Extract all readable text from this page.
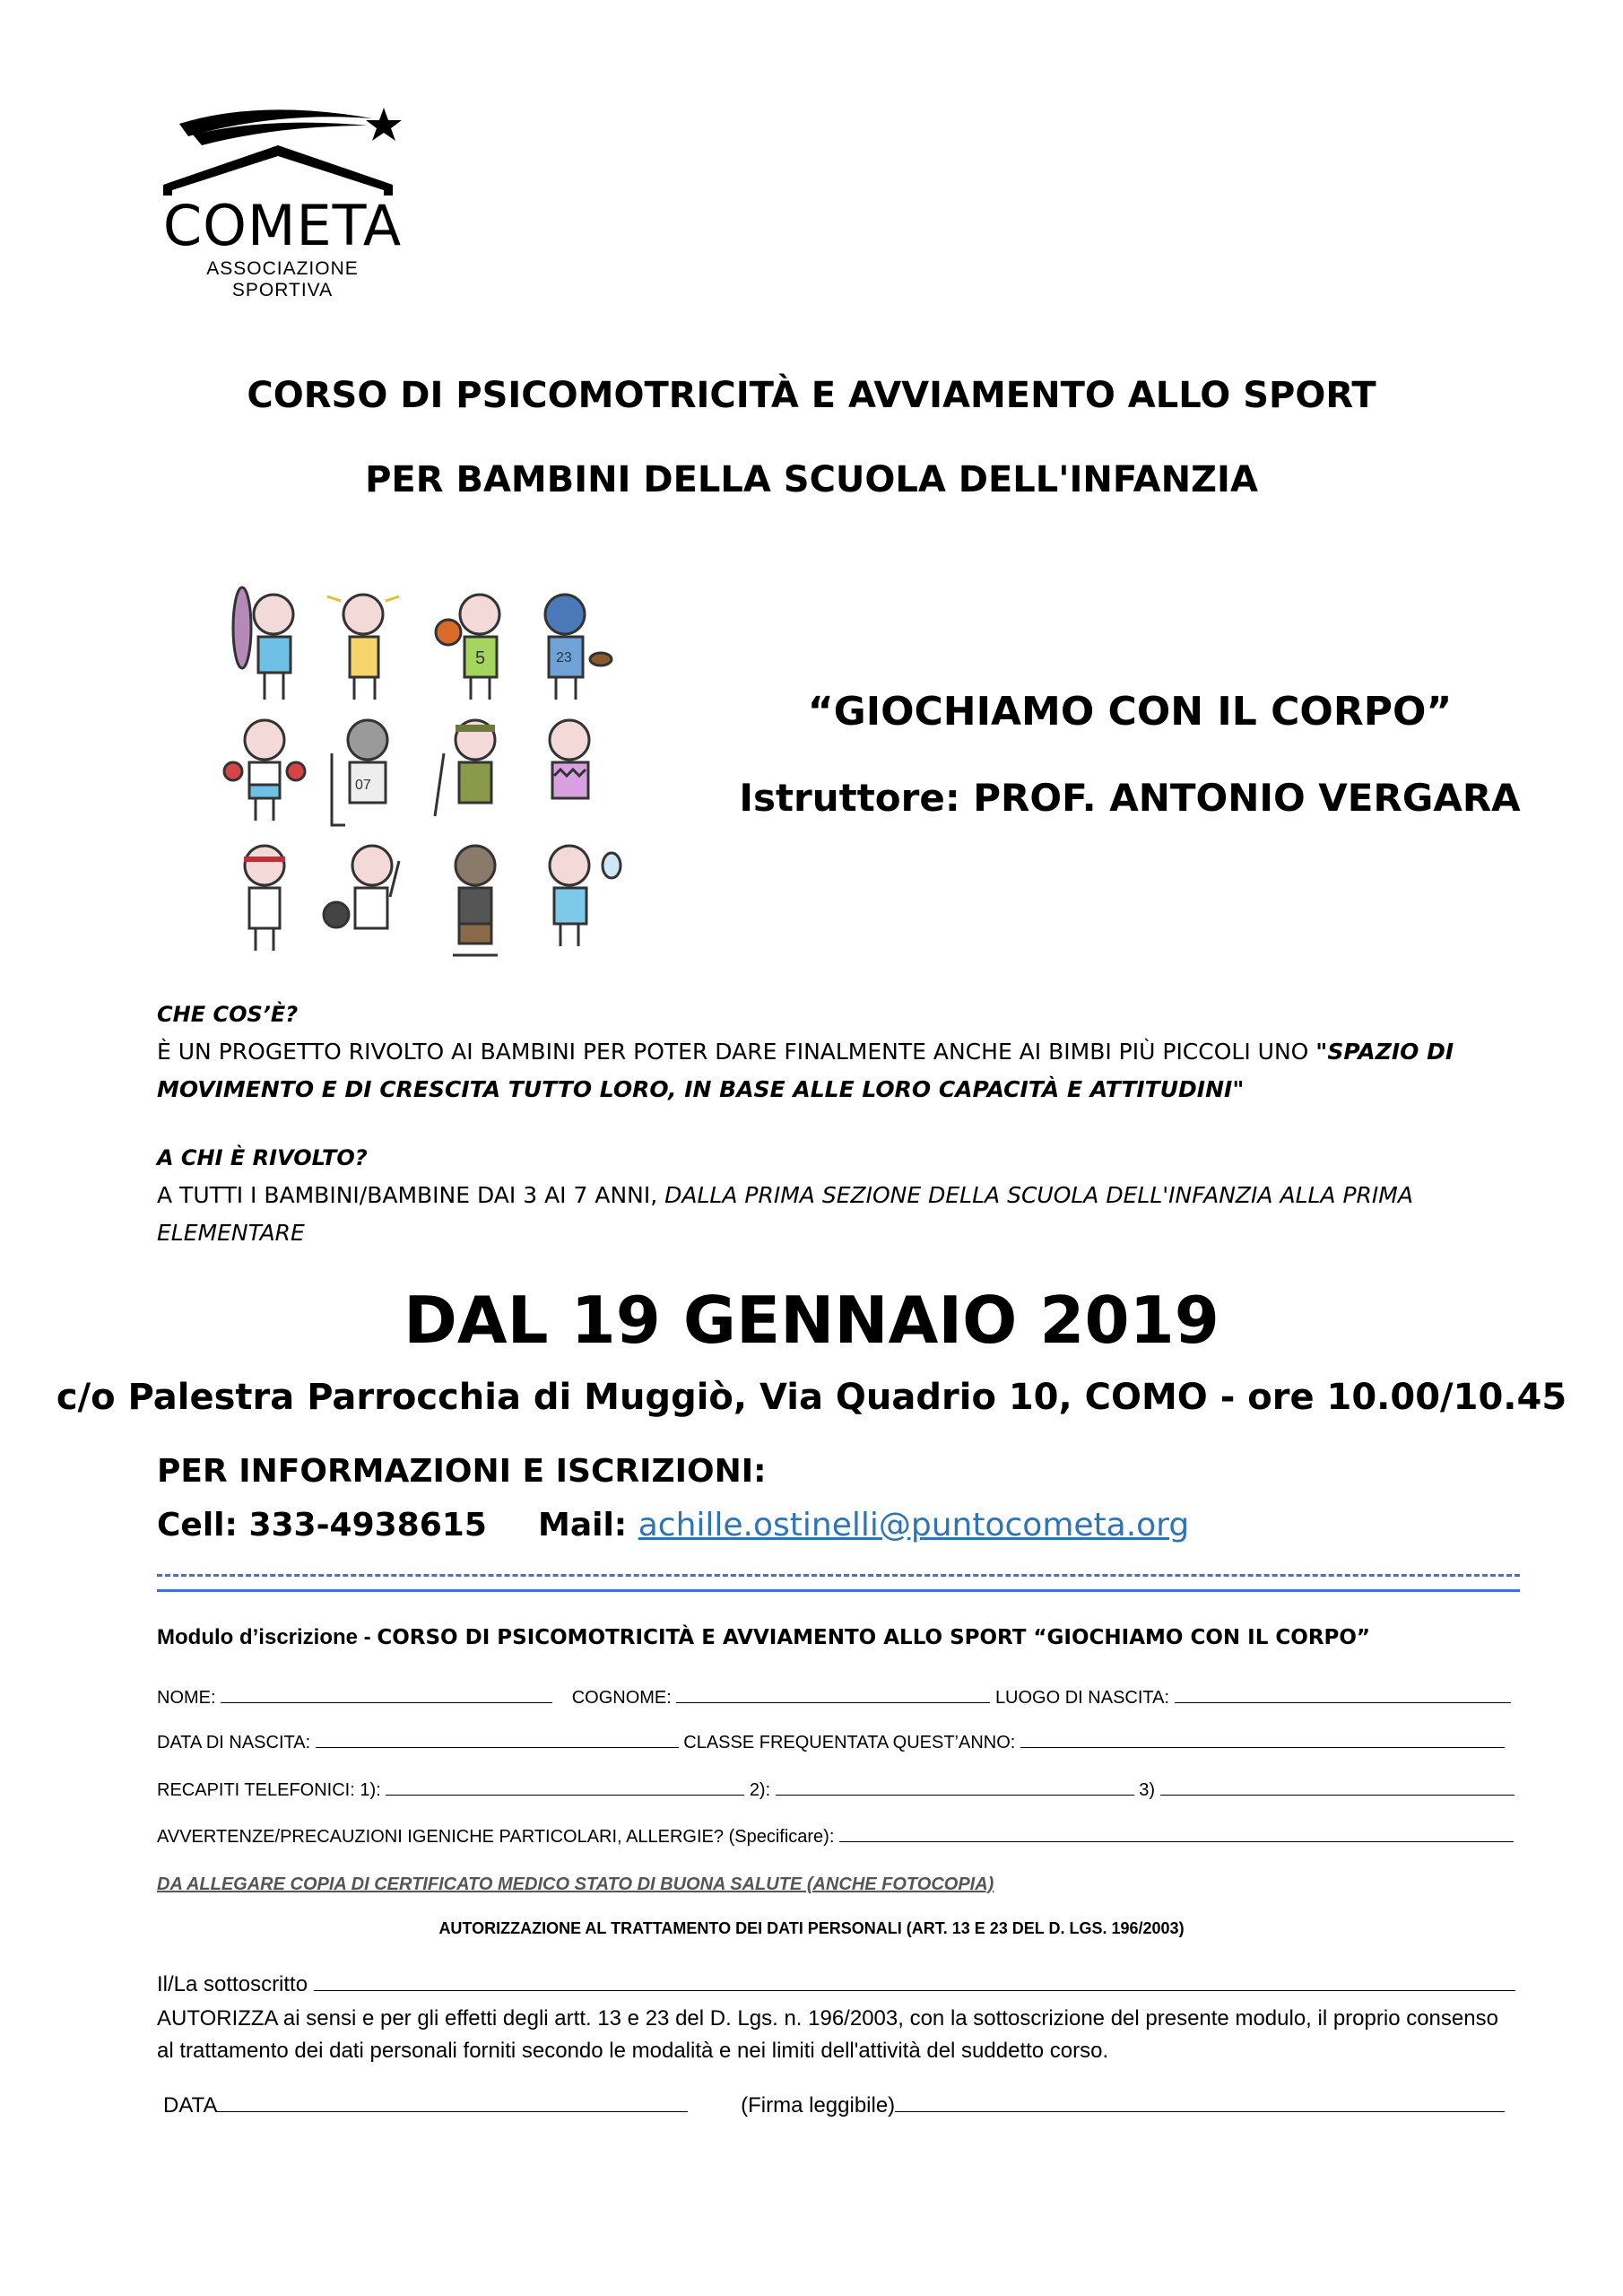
COMETA
ASSOCIAZIONE
SPORTIVA
CORSO DI PSICOMOTRICITÀ E AVVIAMENTO ALLO SPORT
PER BAMBINI DELLA SCUOLA DELL'INFANZIA
5	23
07
“GIOCHIAMO CON IL CORPO”
Istruttore: PROF. ANTONIO VERGARA
CHE COS’È?
È UN PROGETTO RIVOLTO AI BAMBINI PER POTER DARE FINALMENTE ANCHE AI BIMBI PIÙ PICCOLI UNO "SPAZIO DI MOVIMENTO E DI CRESCITA TUTTO LORO, IN BASE ALLE LORO CAPACITÀ E ATTITUDINI"
A CHI È RIVOLTO?
A TUTTI I BAMBINI/BAMBINE DAI 3 AI 7 ANNI, DALLA PRIMA SEZIONE DELLA SCUOLA DELL'INFANZIA ALLA PRIMA ELEMENTARE
DAL 19 GENNAIO 2019
c/o Palestra Parrocchia di Muggiò, Via Quadrio 10, COMO - ore 10.00/10.45
PER INFORMAZIONI E ISCRIZIONI:
Cell: 333-4938615 Mail: achille.ostinelli@puntocometa.org
Modulo d’iscrizione - CORSO DI PSICOMOTRICITÀ E AVVIAMENTO ALLO SPORT “GIOCHIAMO CON IL CORPO”
NOME:	COGNOME:	LUOGO DI NASCITA:
DATA DI NASCITA:	CLASSE FREQUENTATA QUEST’ANNO:
RECAPITI TELEFONICI: 1):	2):	3)
AVVERTENZE/PRECAUZIONI IGENICHE PARTICOLARI, ALLERGIE? (Specificare):
DA ALLEGARE COPIA DI CERTIFICATO MEDICO STATO DI BUONA SALUTE (ANCHE FOTOCOPIA)
AUTORIZZAZIONE AL TRATTAMENTO DEI DATI PERSONALI (ART. 13 E 23 DEL D. LGS. 196/2003)
Il/La sottoscritto
AUTORIZZA ai sensi e per gli effetti degli artt. 13 e 23 del D. Lgs. n. 196/2003, con la sottoscrizione del presente modulo, il proprio consenso al trattamento dei dati personali forniti secondo le modalità e nei limiti dell'attività del suddetto corso.
DATA	(Firma leggibile)
